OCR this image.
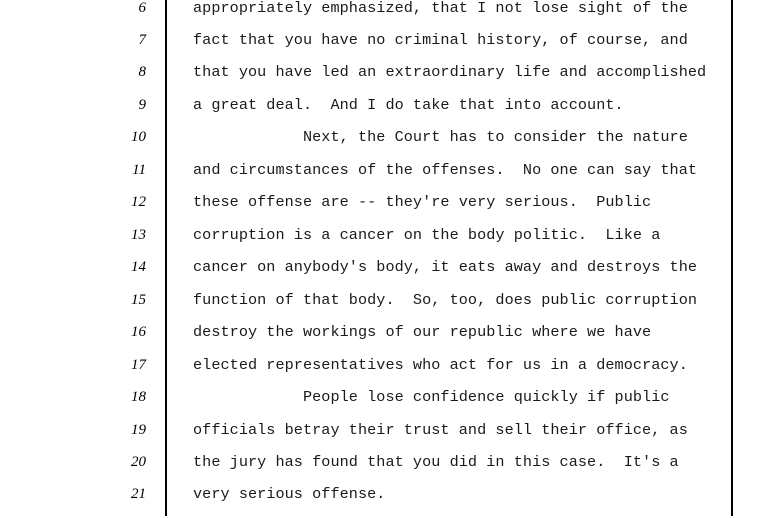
6	appropriately emphasized, that I not lose sight of the
7	fact that you have no criminal history, of course, and
8	that you have led an extraordinary life and accomplished
9	a great deal.  And I do take that into account.
10	Next, the Court has to consider the nature
11	and circumstances of the offenses.  No one can say that
12	these offense are -- they're very serious.  Public
13	corruption is a cancer on the body politic.  Like a
14	cancer on anybody's body, it eats away and destroys the
15	function of that body.  So, too, does public corruption
16	destroy the workings of our republic where we have
17	elected representatives who act for us in a democracy.
18	People lose confidence quickly if public
19	officials betray their trust and sell their office, as
20	the jury has found that you did in this case.  It's a
21	very serious offense.
